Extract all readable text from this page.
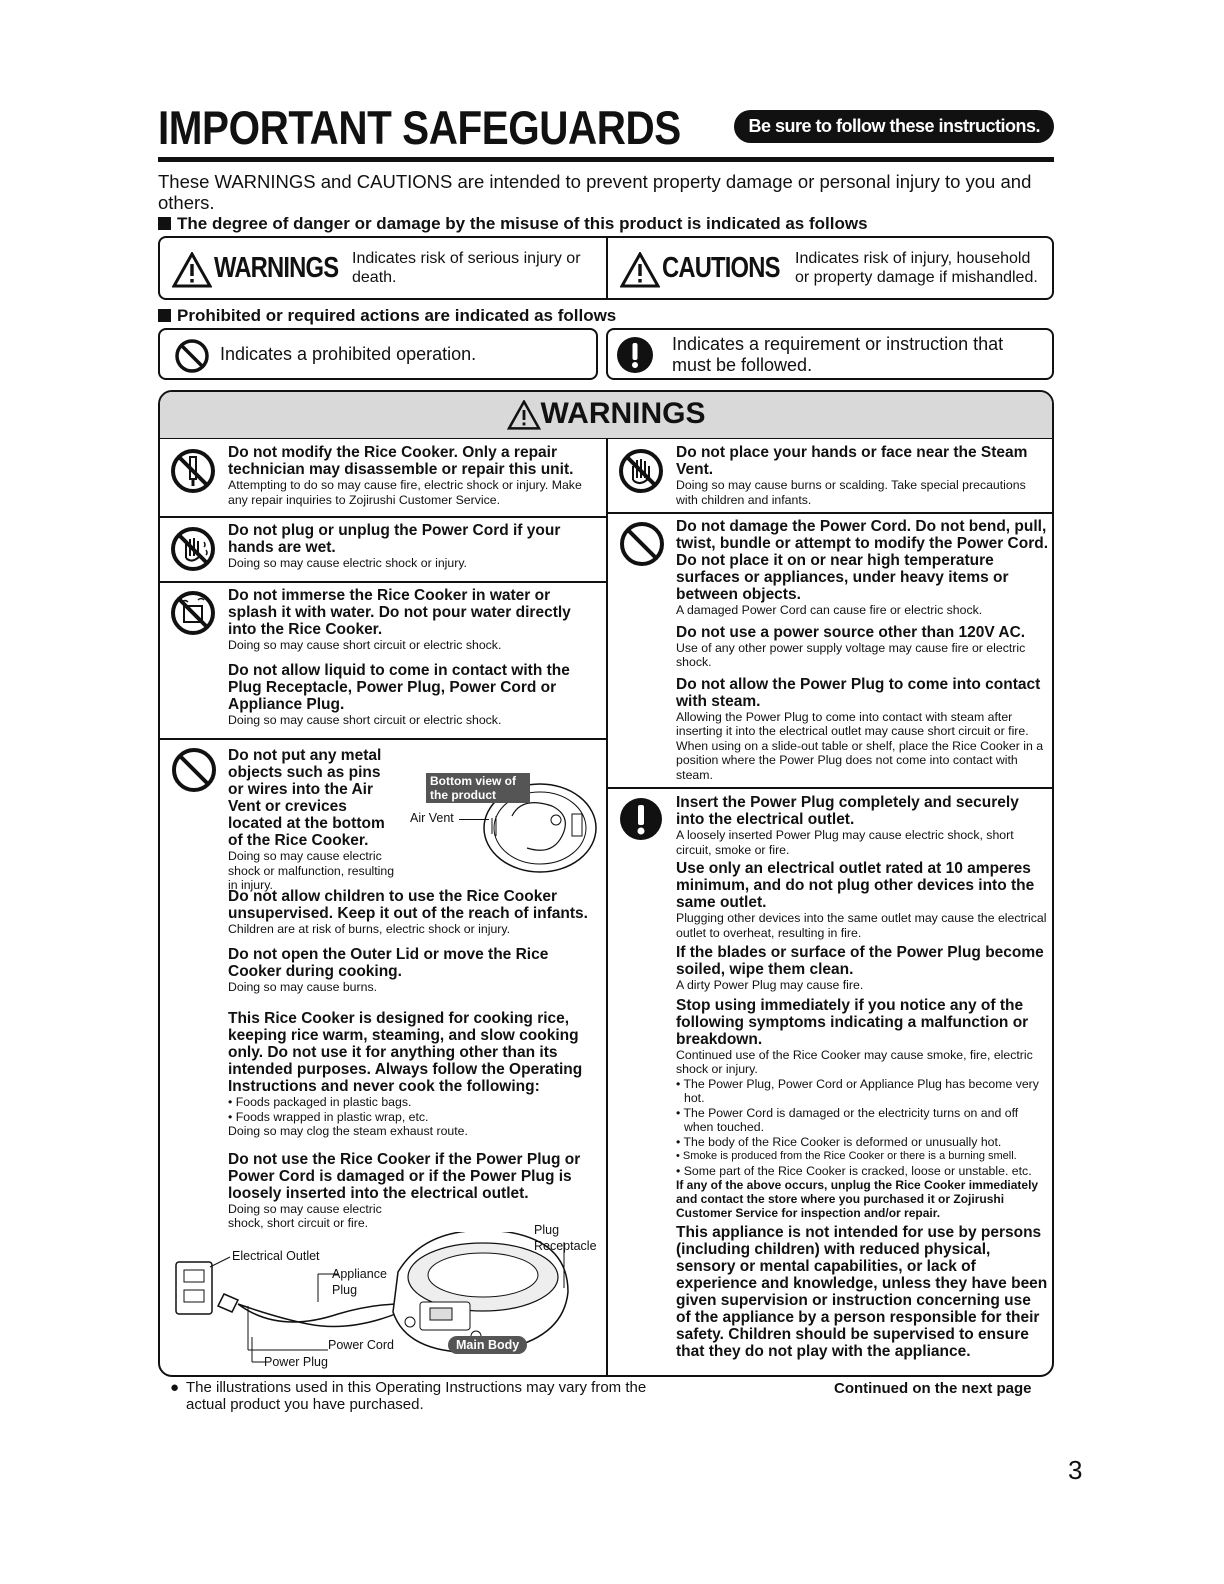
IMPORTANT SAFEGUARDS	Be sure to follow these instructions.
These WARNINGS and CAUTIONS are intended to prevent property damage or personal injury to you and others.
The degree of danger or damage by the misuse of this product is indicated as follows
WARNINGS Indicates risk of serious injury or death.	CAUTIONS Indicates risk of injury, household or property damage if mishandled.
Prohibited or required actions are indicated as follows
Indicates a prohibited operation.	Indicates a requirement or instruction that must be followed.
WARNINGS
Do not modify the Rice Cooker. Only a repair technician may disassemble or repair this unit.
Attempting to do so may cause fire, electric shock or injury. Make any repair inquiries to Zojirushi Customer Service.
Do not plug or unplug the Power Cord if your hands are wet.
Doing so may cause electric shock or injury.
Do not immerse the Rice Cooker in water or splash it with water. Do not pour water directly into the Rice Cooker.
Doing so may cause short circuit or electric shock.
Do not allow liquid to come in contact with the Plug Receptacle, Power Plug, Power Cord or Appliance Plug.
Doing so may cause short circuit or electric shock.
Do not put any metal objects such as pins or wires into the Air Vent or crevices located at the bottom of the Rice Cooker.
Doing so may cause electric shock or malfunction, resulting in injury.
Bottom view of the product
Air Vent
Do not allow children to use the Rice Cooker unsupervised. Keep it out of the reach of infants.
Children are at risk of burns, electric shock or injury.
Do not open the Outer Lid or move the Rice Cooker during cooking.
Doing so may cause burns.
This Rice Cooker is designed for cooking rice, keeping rice warm, steaming, and slow cooking only. Do not use it for anything other than its intended purposes. Always follow the Operating Instructions and never cook the following:
• Foods packaged in plastic bags.
• Foods wrapped in plastic wrap, etc.
Doing so may clog the steam exhaust route.
Do not use the Rice Cooker if the Power Plug or Power Cord is damaged or if the Power Plug is loosely inserted into the electrical outlet.
Doing so may cause electric shock, short circuit or fire.
Electrical Outlet
Appliance Plug
Plug Receptacle
Power Cord
Power Plug
Main Body
Do not place your hands or face near the Steam Vent.
Doing so may cause burns or scalding. Take special precautions with children and infants.
Do not damage the Power Cord. Do not bend, pull, twist, bundle or attempt to modify the Power Cord. Do not place it on or near high temperature surfaces or appliances, under heavy items or between objects.
A damaged Power Cord can cause fire or electric shock.
Do not use a power source other than 120V AC.
Use of any other power supply voltage may cause fire or electric shock.
Do not allow the Power Plug to come into contact with steam.
Allowing the Power Plug to come into contact with steam after inserting it into the electrical outlet may cause short circuit or fire. When using on a slide-out table or shelf, place the Rice Cooker in a position where the Power Plug does not come into contact with steam.
Insert the Power Plug completely and securely into the electrical outlet.
A loosely inserted Power Plug may cause electric shock, short circuit, smoke or fire.
Use only an electrical outlet rated at 10 amperes minimum, and do not plug other devices into the same outlet.
Plugging other devices into the same outlet may cause the electrical outlet to overheat, resulting in fire.
If the blades or surface of the Power Plug become soiled, wipe them clean.
A dirty Power Plug may cause fire.
Stop using immediately if you notice any of the following symptoms indicating a malfunction or breakdown.
Continued use of the Rice Cooker may cause smoke, fire, electric shock or injury.
• The Power Plug, Power Cord or Appliance Plug has become very hot.
• The Power Cord is damaged or the electricity turns on and off when touched.
• The body of the Rice Cooker is deformed or unusually hot.
• Smoke is produced from the Rice Cooker or there is a burning smell.
• Some part of the Rice Cooker is cracked, loose or unstable. etc.
If any of the above occurs, unplug the Rice Cooker immediately and contact the store where you purchased it or Zojirushi Customer Service for inspection and/or repair.
This appliance is not intended for use by persons (including children) with reduced physical, sensory or mental capabilities, or lack of experience and knowledge, unless they have been given supervision or instruction concerning use of the appliance by a person responsible for their safety. Children should be supervised to ensure that they do not play with the appliance.
● The illustrations used in this Operating Instructions may vary from the actual product you have purchased.
Continued on the next page
3
